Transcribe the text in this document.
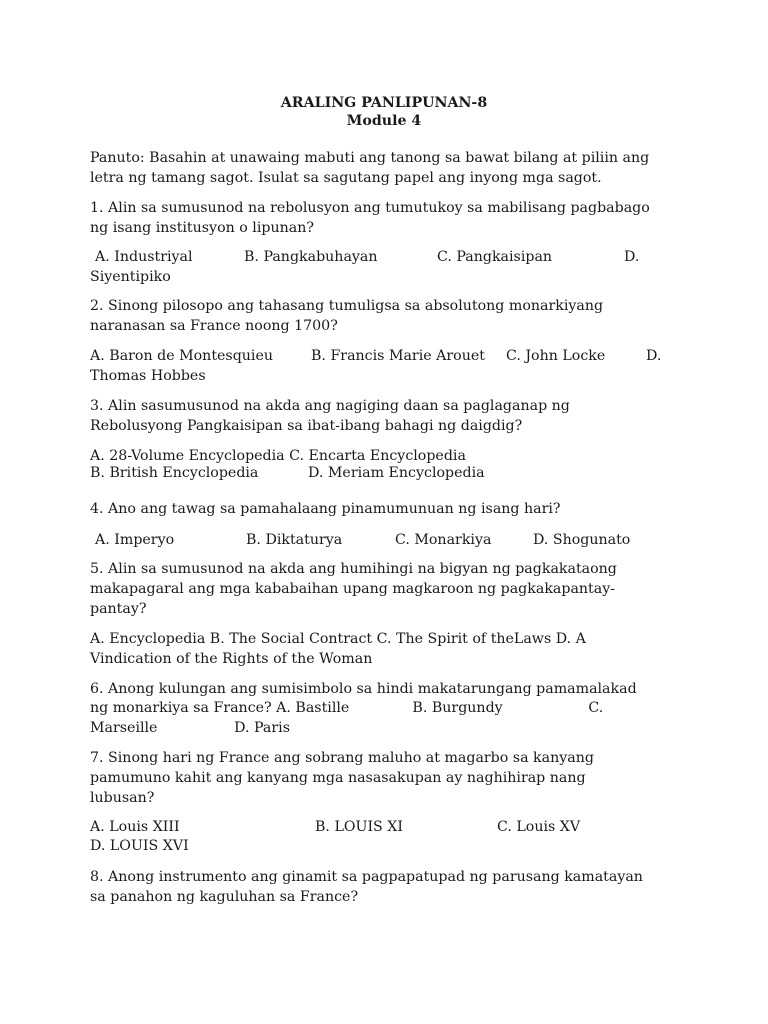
ARALING PANLIPUNAN-8
Module 4
Panuto: Basahin at unawaing mabuti ang tanong sa bawat bilang at piliin ang
letra ng tamang sagot. Isulat sa sagutang papel ang inyong mga sagot.
1. Alin sa sumusunod na rebolusyon ang tumutukoy sa mabilisang pagbabago
ng isang institusyon o lipunan?
A. Industriyal	B. Pangkabuhayan	C. Pangkaisipan	D.
Siyentipiko
2. Sinong pilosopo ang tahasang tumuligsa sa absolutong monarkiyang
naranasan sa France noong 1700?
A. Baron de Montesquieu	B. Francis Marie Arouet C. John Locke	D.
Thomas Hobbes
3. Alin sasumusunod na akda ang nagiging daan sa paglaganap ng
Rebolusyong Pangkaisipan sa ibat-ibang bahagi ng daigdig?
A. 28-Volume Encyclopedia C. Encarta Encyclopedia
B. British Encyclopedia           D. Meriam Encyclopedia
4. Ano ang tawag sa pamahalaang pinamumunuan ng isang hari?
A. Imperyo	B. Diktaturya	C. Monarkiya	D. Shogunato
5. Alin sa sumusunod na akda ang humihingi na bigyan ng pagkakataong
makapagaral ang mga kababaihan upang magkaroon ng pagkakapantay-
pantay?
A. Encyclopedia B. The Social Contract C. The Spirit of theLaws D. A
Vindication of the Rights of the Woman
6. Anong kulungan ang sumisimbolo sa hindi makatarungang pamamalakad
ng monarkiya sa France? A. Bastille              B. Burgundy                   C.
Marseille                 D. Paris
7. Sinong hari ng France ang sobrang maluho at magarbo sa kanyang
pamumuno kahit ang kanyang mga nasasakupan ay naghihirap nang
lubusan?
A. Louis XIII	B. LOUIS XI	C. Louis XV
D. LOUIS XVI
8. Anong instrumento ang ginamit sa pagpapatupad ng parusang kamatayan
sa panahon ng kaguluhan sa France?
